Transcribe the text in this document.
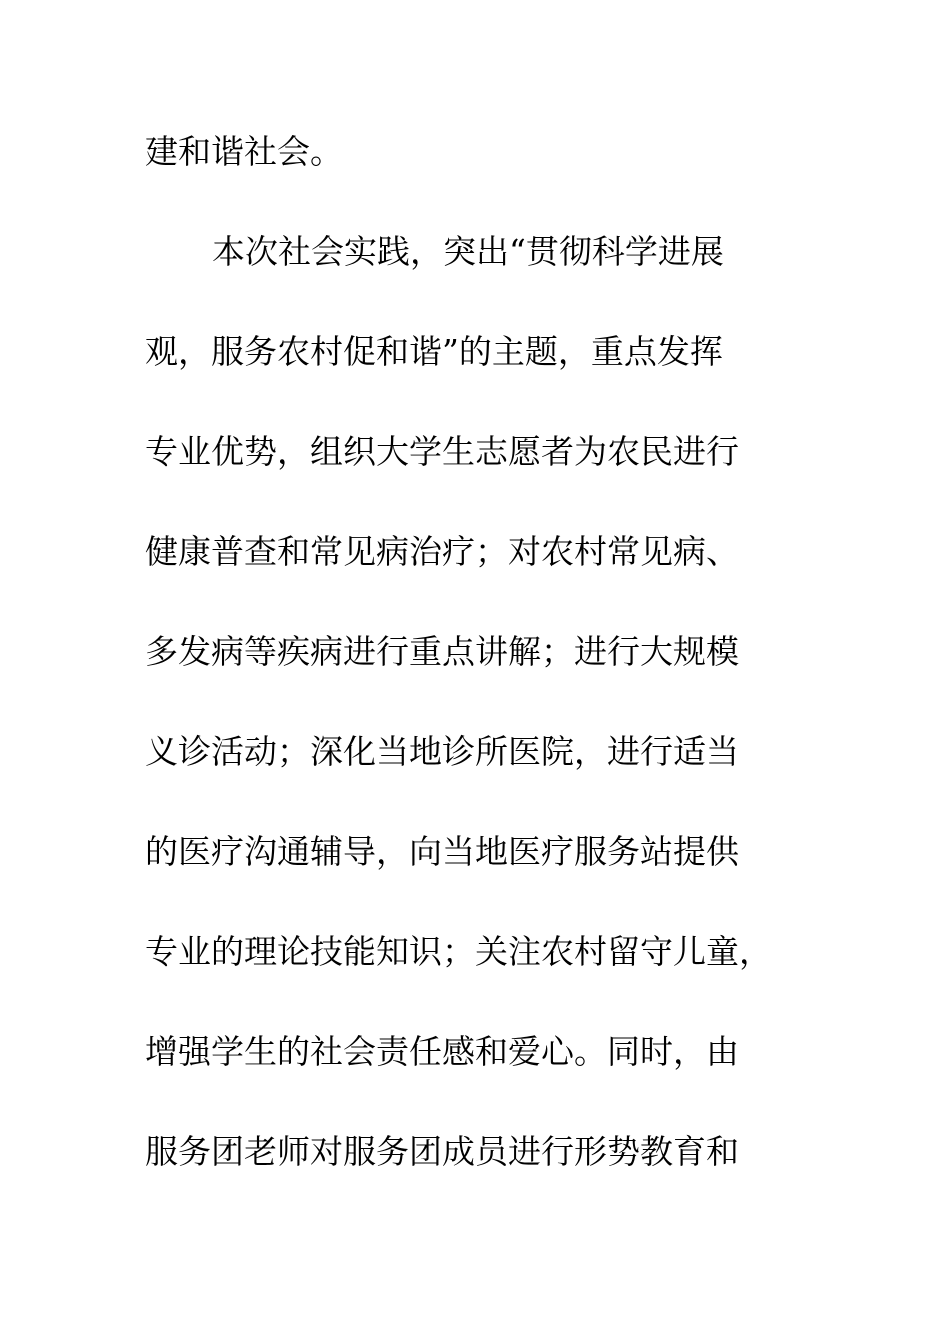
建和谐社会。
本次社会实践，突出“贯彻科学进展
观，服务农村促和谐”的主题，重点发挥
专业优势，组织大学生志愿者为农民进行
健康普查和常见病治疗；对农村常见病、
多发病等疾病进行重点讲解；进行大规模
义诊活动；深化当地诊所医院，进行适当
的医疗沟通辅导，向当地医疗服务站提供
专业的理论技能知识；关注农村留守儿童，
增强学生的社会责任感和爱心。同时，由
服务团老师对服务团成员进行形势教育和
